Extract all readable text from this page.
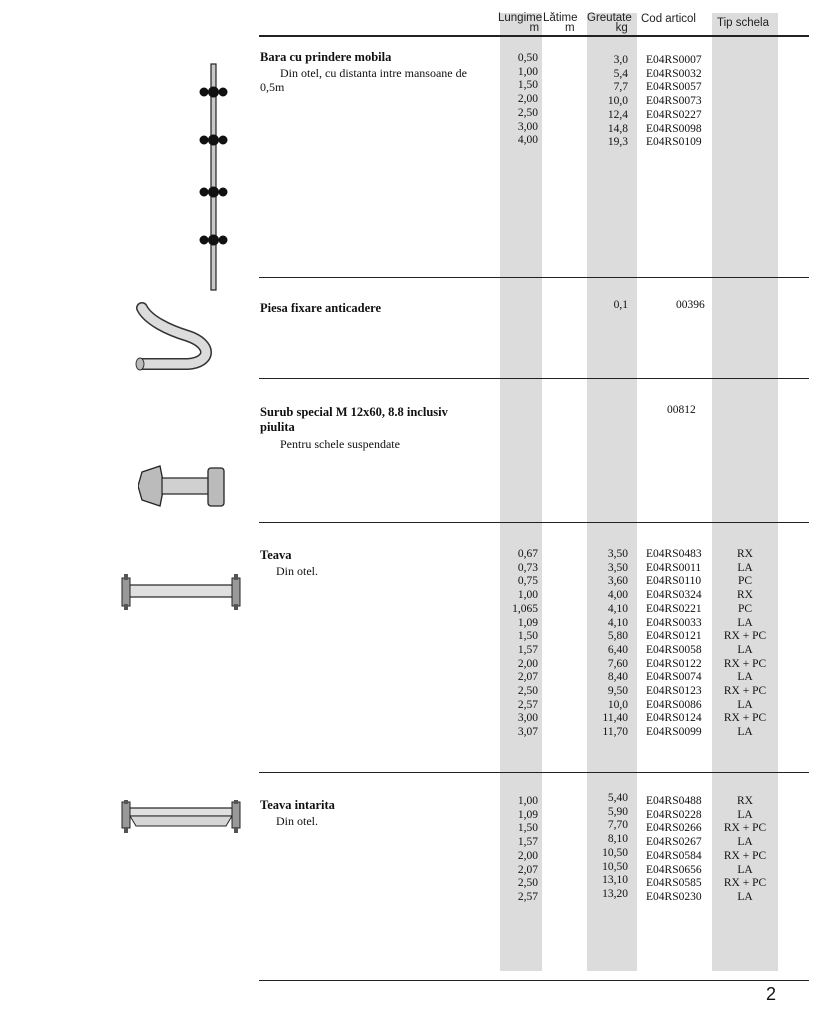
Lungime
m
Lătime
m
Greutate
kg
Cod articol Tip schela
Bara cu prindere mobila
Din otel, cu distanta intre mansoane de
0,5m
0,50
1,00
1,50
2,00
2,50
3,00
4,00
3,0
5,4
7,7
10,0
12,4
14,8
19,3
E04RS0007
E04RS0032
E04RS0057
E04RS0073
E04RS0227
E04RS0098
E04RS0109
Piesa fixare anticadere	0,1	00396
Surub special M 12x60, 8.8 inclusiv
piulita
Pentru schele suspendate
00812
Teava
Din otel.
0,67
0,73
0,75
1,00
1,065
1,09
1,50
1,57
2,00
2,07
2,50
2,57
3,00
3,07
3,50
3,50
3,60
4,00
4,10
4,10
5,80
6,40
7,60
8,40
9,50
10,0
11,40
11,70
E04RS0483
E04RS0011
E04RS0110
E04RS0324
E04RS0221
E04RS0033
E04RS0121
E04RS0058
E04RS0122
E04RS0074
E04RS0123
E04RS0086
E04RS0124
E04RS0099
RX
LA
PC
RX
PC
LA
RX + PC
LA
RX + PC
LA
RX + PC
LA
RX + PC
LA
Teava intarita
Din otel.
1,00
1,09
1,50
1,57
2,00
2,07
2,50
2,57
5,40
5,90
7,70
8,10
10,50
10,50
13,10
13,20
E04RS0488
E04RS0228
E04RS0266
E04RS0267
E04RS0584
E04RS0656
E04RS0585
E04RS0230
RX
LA
RX + PC
LA
RX + PC
LA
RX + PC
LA
2
